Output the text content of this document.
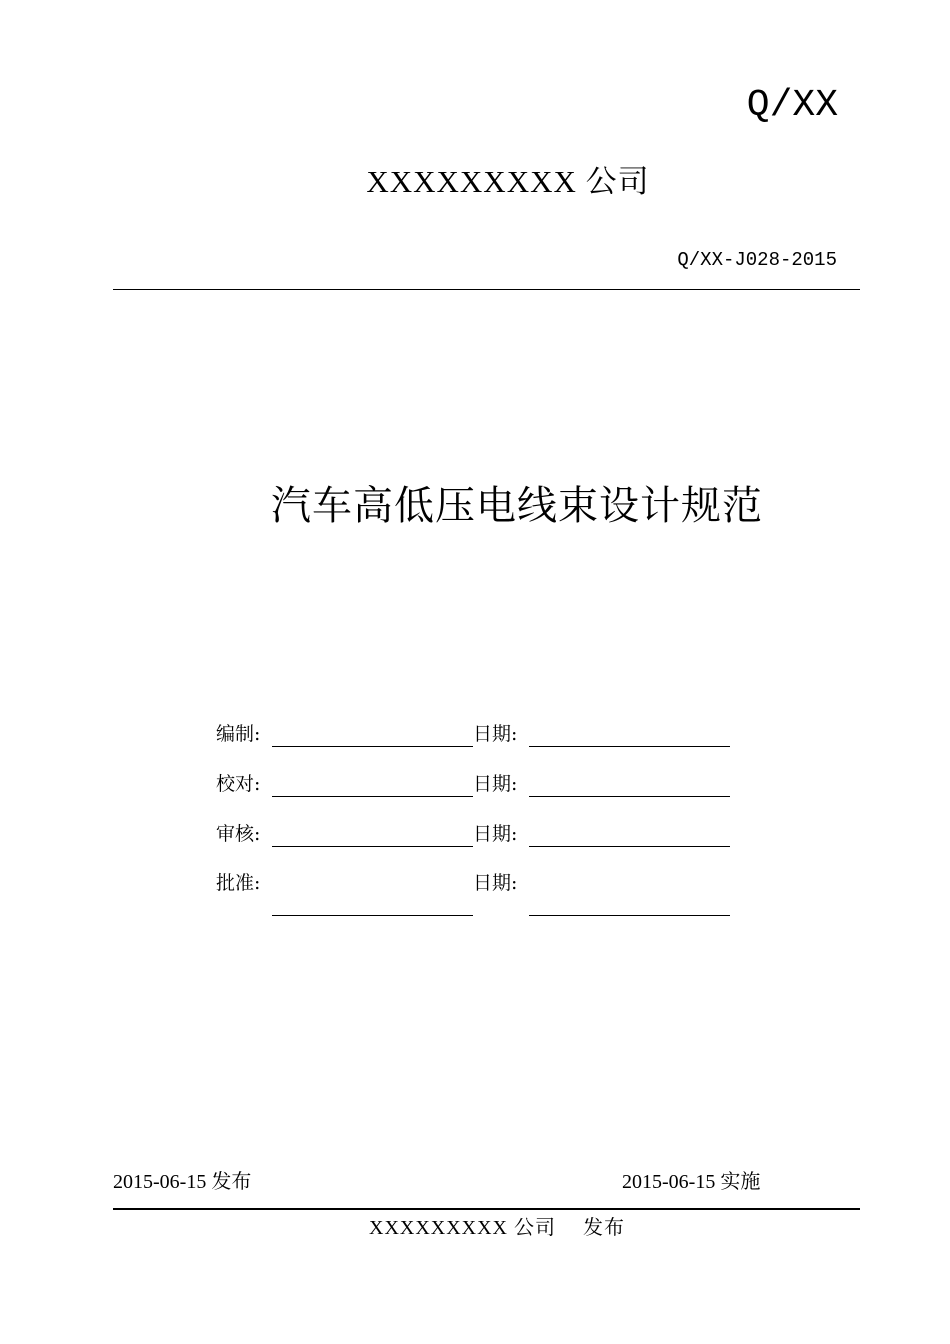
Q/XX
XXXXXXXXX 公司
Q/XX-J028-2015
汽车高低压电线束设计规范
编制:	日期:
校对:	日期:
审核:	日期:
批准:	日期:
2015-06-15 发布	2015-06-15 实施
XXXXXXXXX 公司　 发布
